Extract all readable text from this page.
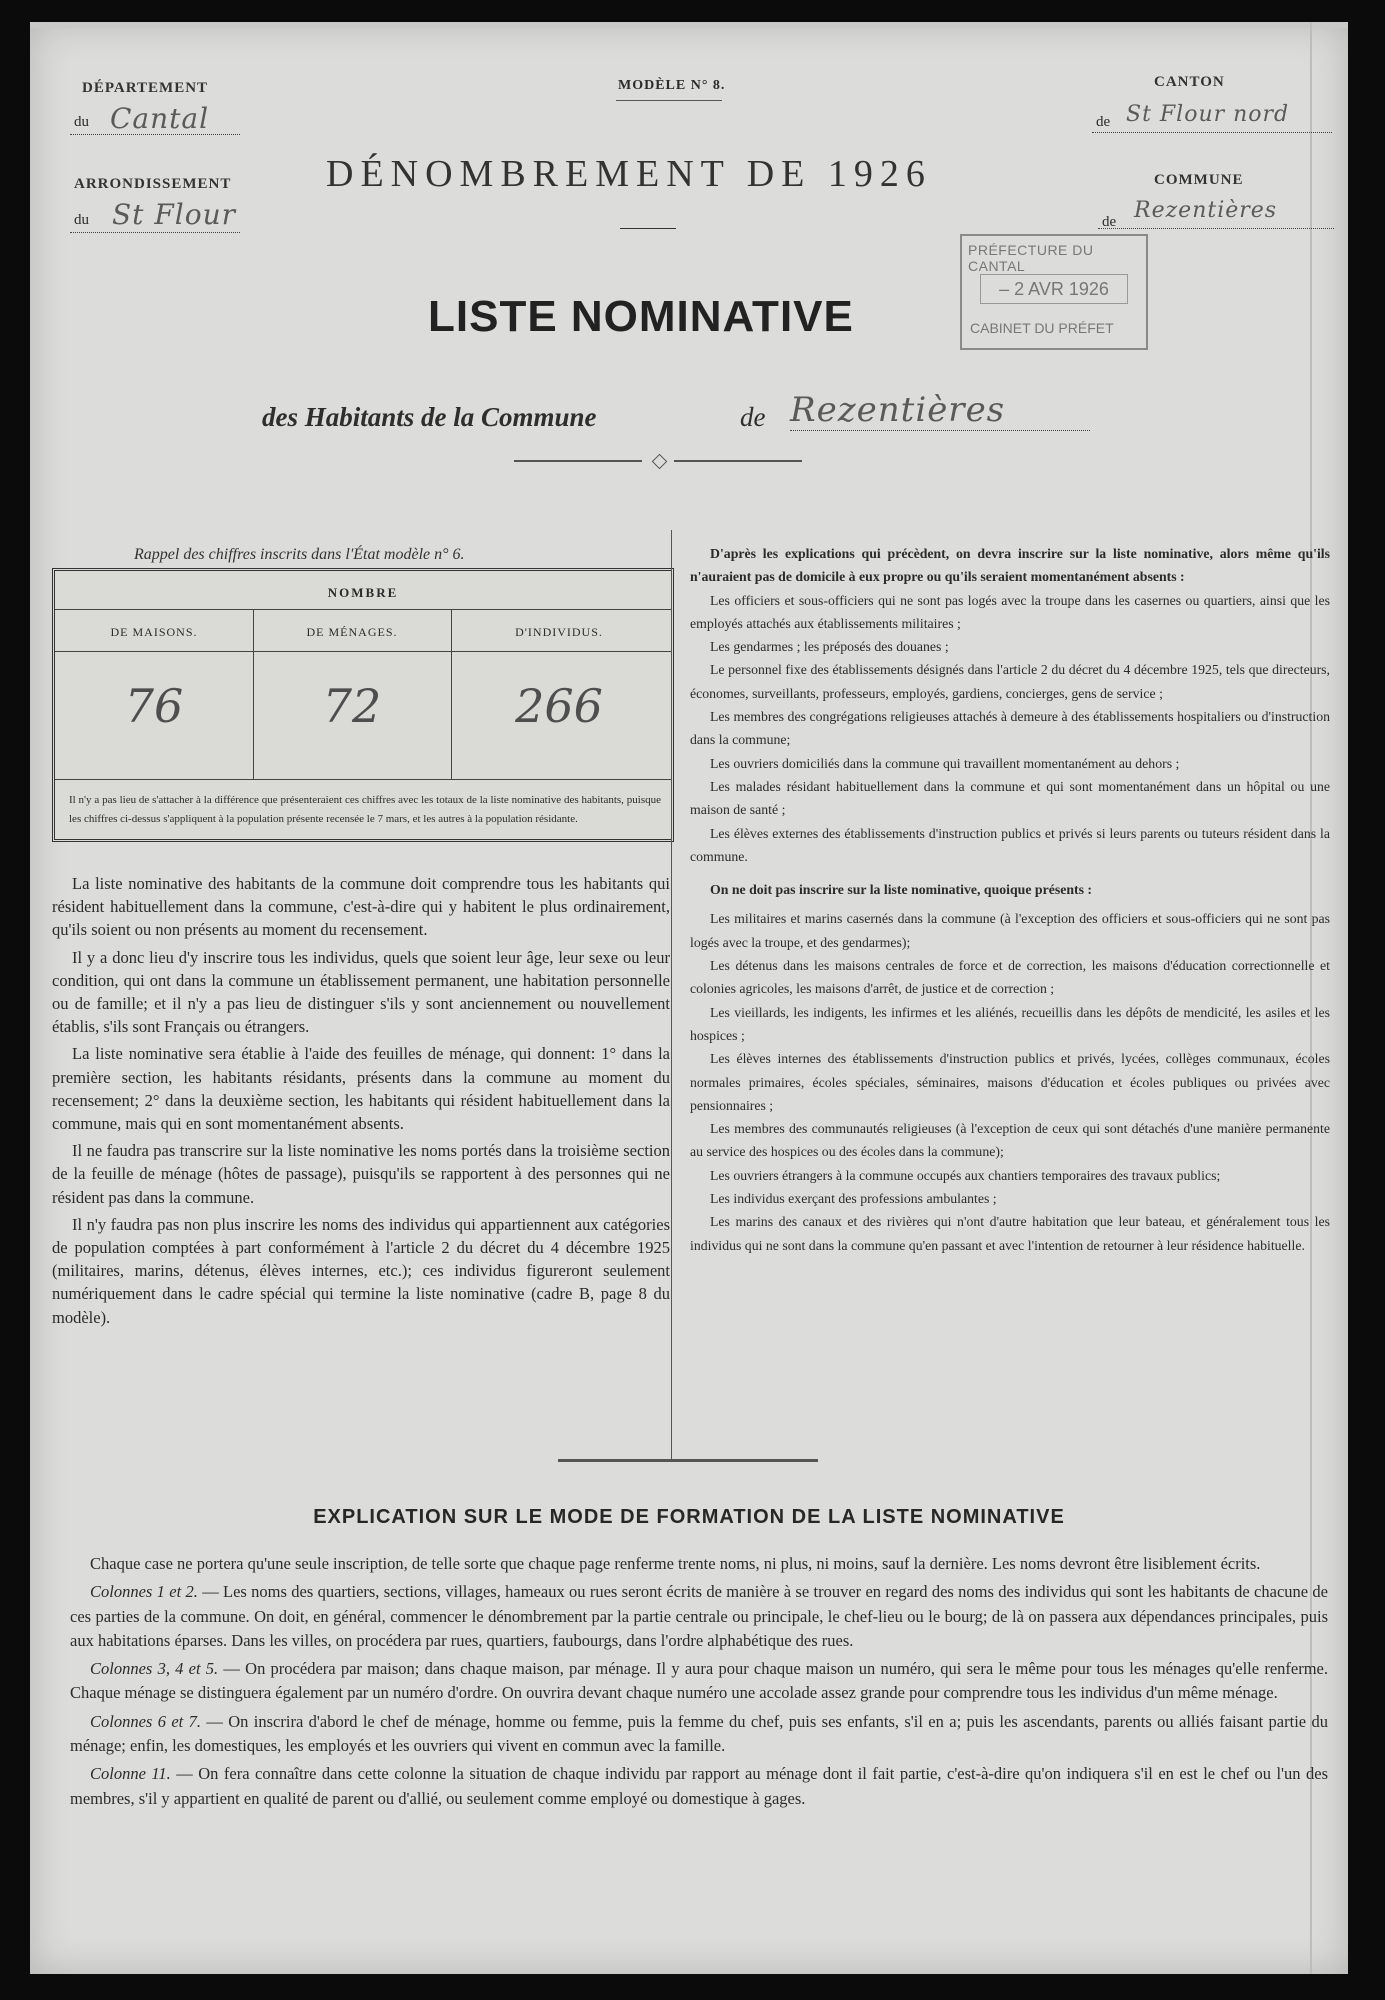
DÉPARTEMENT
du Cantal
ARRONDISSEMENT
du St Flour
MODÈLE N° 8.
DÉNOMBREMENT DE 1926
CANTON
de St Flour nord
COMMUNE
de Rezentières
PRÉFECTURE DU CANTAL
– 2 AVR 1926
CABINET DU PRÉFET
LISTE NOMINATIVE
des Habitants de la Commune	de Rezentières
Rappel des chiffres inscrits dans l'État modèle n° 6.
NOMBRE
DE MAISONS.	DE MÉNAGES.	D'INDIVIDUS.
76	72	266
Il n'y a pas lieu de s'attacher à la différence que présenteraient ces chiffres avec les totaux de la liste nominative des habitants, puisque les chiffres ci-dessus s'appliquent à la population présente recensée le 7 mars, et les autres à la population résidante.

La liste nominative des habitants de la commune doit comprendre tous les habitants qui résident habituellement dans la commune, c'est-à-dire qui y habitent le plus ordinairement, qu'ils soient ou non présents au moment du recensement.

Il y a donc lieu d'y inscrire tous les individus, quels que soient leur âge, leur sexe ou leur condition, qui ont dans la commune un établissement permanent, une habitation personnelle ou de famille; et il n'y a pas lieu de distinguer s'ils y sont anciennement ou nouvellement établis, s'ils sont Français ou étrangers.

La liste nominative sera établie à l'aide des feuilles de ménage, qui donnent: 1° dans la première section, les habitants résidants, présents dans la commune au moment du recensement; 2° dans la deuxième section, les habitants qui résident habituellement dans la commune, mais qui en sont momentanément absents.

Il ne faudra pas transcrire sur la liste nominative les noms portés dans la troisième section de la feuille de ménage (hôtes de passage), puisqu'ils se rapportent à des personnes qui ne résident pas dans la commune.

Il n'y faudra pas non plus inscrire les noms des individus qui appartiennent aux catégories de population comptées à part conformément à l'article 2 du décret du 4 décembre 1925 (militaires, marins, détenus, élèves internes, etc.); ces individus figureront seulement numériquement dans le cadre spécial qui termine la liste nominative (cadre B, page 8 du modèle).

D'après les explications qui précèdent, on devra inscrire sur la liste nominative, alors même qu'ils n'auraient pas de domicile à eux propre ou qu'ils seraient momentanément absents :

Les officiers et sous-officiers qui ne sont pas logés avec la troupe dans les casernes ou quartiers, ainsi que les employés attachés aux établissements militaires ;

Les gendarmes ; les préposés des douanes ;

Le personnel fixe des établissements désignés dans l'article 2 du décret du 4 décembre 1925, tels que directeurs, économes, surveillants, professeurs, employés, gardiens, concierges, gens de service ;

Les membres des congrégations religieuses attachés à demeure à des établissements hospitaliers ou d'instruction dans la commune;

Les ouvriers domiciliés dans la commune qui travaillent momentanément au dehors ;

Les malades résidant habituellement dans la commune et qui sont momentanément dans un hôpital ou une maison de santé ;

Les élèves externes des établissements d'instruction publics et privés si leurs parents ou tuteurs résident dans la commune.

On ne doit pas inscrire sur la liste nominative, quoique présents :

Les militaires et marins casernés dans la commune (à l'exception des officiers et sous-officiers qui ne sont pas logés avec la troupe, et des gendarmes);

Les détenus dans les maisons centrales de force et de correction, les maisons d'éducation correctionnelle et colonies agricoles, les maisons d'arrêt, de justice et de correction ;

Les vieillards, les indigents, les infirmes et les aliénés, recueillis dans les dépôts de mendicité, les asiles et les hospices ;

Les élèves internes des établissements d'instruction publics et privés, lycées, collèges communaux, écoles normales primaires, écoles spéciales, séminaires, maisons d'éducation et écoles publiques ou privées avec pensionnaires ;

Les membres des communautés religieuses (à l'exception de ceux qui sont détachés d'une manière permanente au service des hospices ou des écoles dans la commune);

Les ouvriers étrangers à la commune occupés aux chantiers temporaires des travaux publics;

Les individus exerçant des professions ambulantes ;

Les marins des canaux et des rivières qui n'ont d'autre habitation que leur bateau, et généralement tous les individus qui ne sont dans la commune qu'en passant et avec l'intention de retourner à leur résidence habituelle.

EXPLICATION SUR LE MODE DE FORMATION DE LA LISTE NOMINATIVE

Chaque case ne portera qu'une seule inscription, de telle sorte que chaque page renferme trente noms, ni plus, ni moins, sauf la dernière. Les noms devront être lisiblement écrits.

Colonnes 1 et 2. — Les noms des quartiers, sections, villages, hameaux ou rues seront écrits de manière à se trouver en regard des noms des individus qui sont les habitants de chacune de ces parties de la commune. On doit, en général, commencer le dénombrement par la partie centrale ou principale, le chef-lieu ou le bourg; de là on passera aux dépendances principales, puis aux habitations éparses. Dans les villes, on procédera par rues, quartiers, faubourgs, dans l'ordre alphabétique des rues.

Colonnes 3, 4 et 5. — On procédera par maison; dans chaque maison, par ménage. Il y aura pour chaque maison un numéro, qui sera le même pour tous les ménages qu'elle renferme. Chaque ménage se distinguera également par un numéro d'ordre. On ouvrira devant chaque numéro une accolade assez grande pour comprendre tous les individus d'un même ménage.

Colonnes 6 et 7. — On inscrira d'abord le chef de ménage, homme ou femme, puis la femme du chef, puis ses enfants, s'il en a; puis les ascendants, parents ou alliés faisant partie du ménage; enfin, les domestiques, les employés et les ouvriers qui vivent en commun avec la famille.

Colonne 11. — On fera connaître dans cette colonne la situation de chaque individu par rapport au ménage dont il fait partie, c'est-à-dire qu'on indiquera s'il en est le chef ou l'un des membres, s'il y appartient en qualité de parent ou d'allié, ou seulement comme employé ou domestique à gages.
